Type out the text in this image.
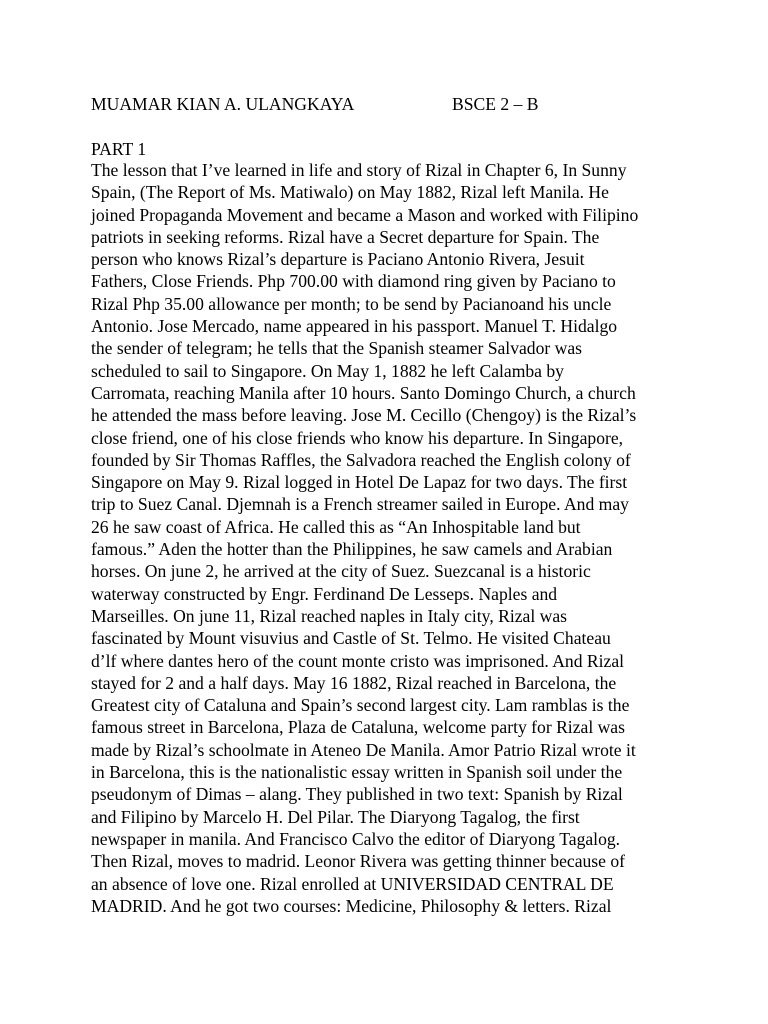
MUAMAR KIAN A. ULANGKAYA	BSCE 2 – B
PART 1
The lesson that I’ve learned in life and story of Rizal in Chapter 6, In Sunny
Spain, (The Report of Ms. Matiwalo) on May 1882, Rizal left Manila. He
joined Propaganda Movement and became a Mason and worked with Filipino
patriots in seeking reforms. Rizal have a Secret departure for Spain. The
person who knows Rizal’s departure is Paciano Antonio Rivera, Jesuit
Fathers, Close Friends. Php 700.00 with diamond ring given by Paciano to
Rizal Php 35.00 allowance per month; to be send by Pacianoand his uncle
Antonio. Jose Mercado, name appeared in his passport. Manuel T. Hidalgo
the sender of telegram; he tells that the Spanish steamer Salvador was
scheduled to sail to Singapore. On May 1, 1882 he left Calamba by
Carromata, reaching Manila after 10 hours. Santo Domingo Church, a church
he attended the mass before leaving. Jose M. Cecillo (Chengoy) is the Rizal’s
close friend, one of his close friends who know his departure. In Singapore,
founded by Sir Thomas Raffles, the Salvadora reached the English colony of
Singapore on May 9. Rizal logged in Hotel De Lapaz for two days. The first
trip to Suez Canal. Djemnah is a French streamer sailed in Europe. And may
26 he saw coast of Africa. He called this as “An Inhospitable land but
famous.” Aden the hotter than the Philippines, he saw camels and Arabian
horses. On june 2, he arrived at the city of Suez. Suezcanal is a historic
waterway constructed by Engr. Ferdinand De Lesseps. Naples and
Marseilles. On june 11, Rizal reached naples in Italy city, Rizal was
fascinated by Mount visuvius and Castle of St. Telmo. He visited Chateau
d’lf where dantes hero of the count monte cristo was imprisoned. And Rizal
stayed for 2 and a half days. May 16 1882, Rizal reached in Barcelona, the
Greatest city of Cataluna and Spain’s second largest city. Lam ramblas is the
famous street in Barcelona, Plaza de Cataluna, welcome party for Rizal was
made by Rizal’s schoolmate in Ateneo De Manila. Amor Patrio Rizal wrote it
in Barcelona, this is the nationalistic essay written in Spanish soil under the
pseudonym of Dimas – alang. They published in two text: Spanish by Rizal
and Filipino by Marcelo H. Del Pilar. The Diaryong Tagalog, the first
newspaper in manila. And Francisco Calvo the editor of Diaryong Tagalog.
Then Rizal, moves to madrid. Leonor Rivera was getting thinner because of
an absence of love one. Rizal enrolled at UNIVERSIDAD CENTRAL DE
MADRID. And he got two courses: Medicine, Philosophy & letters. Rizal
